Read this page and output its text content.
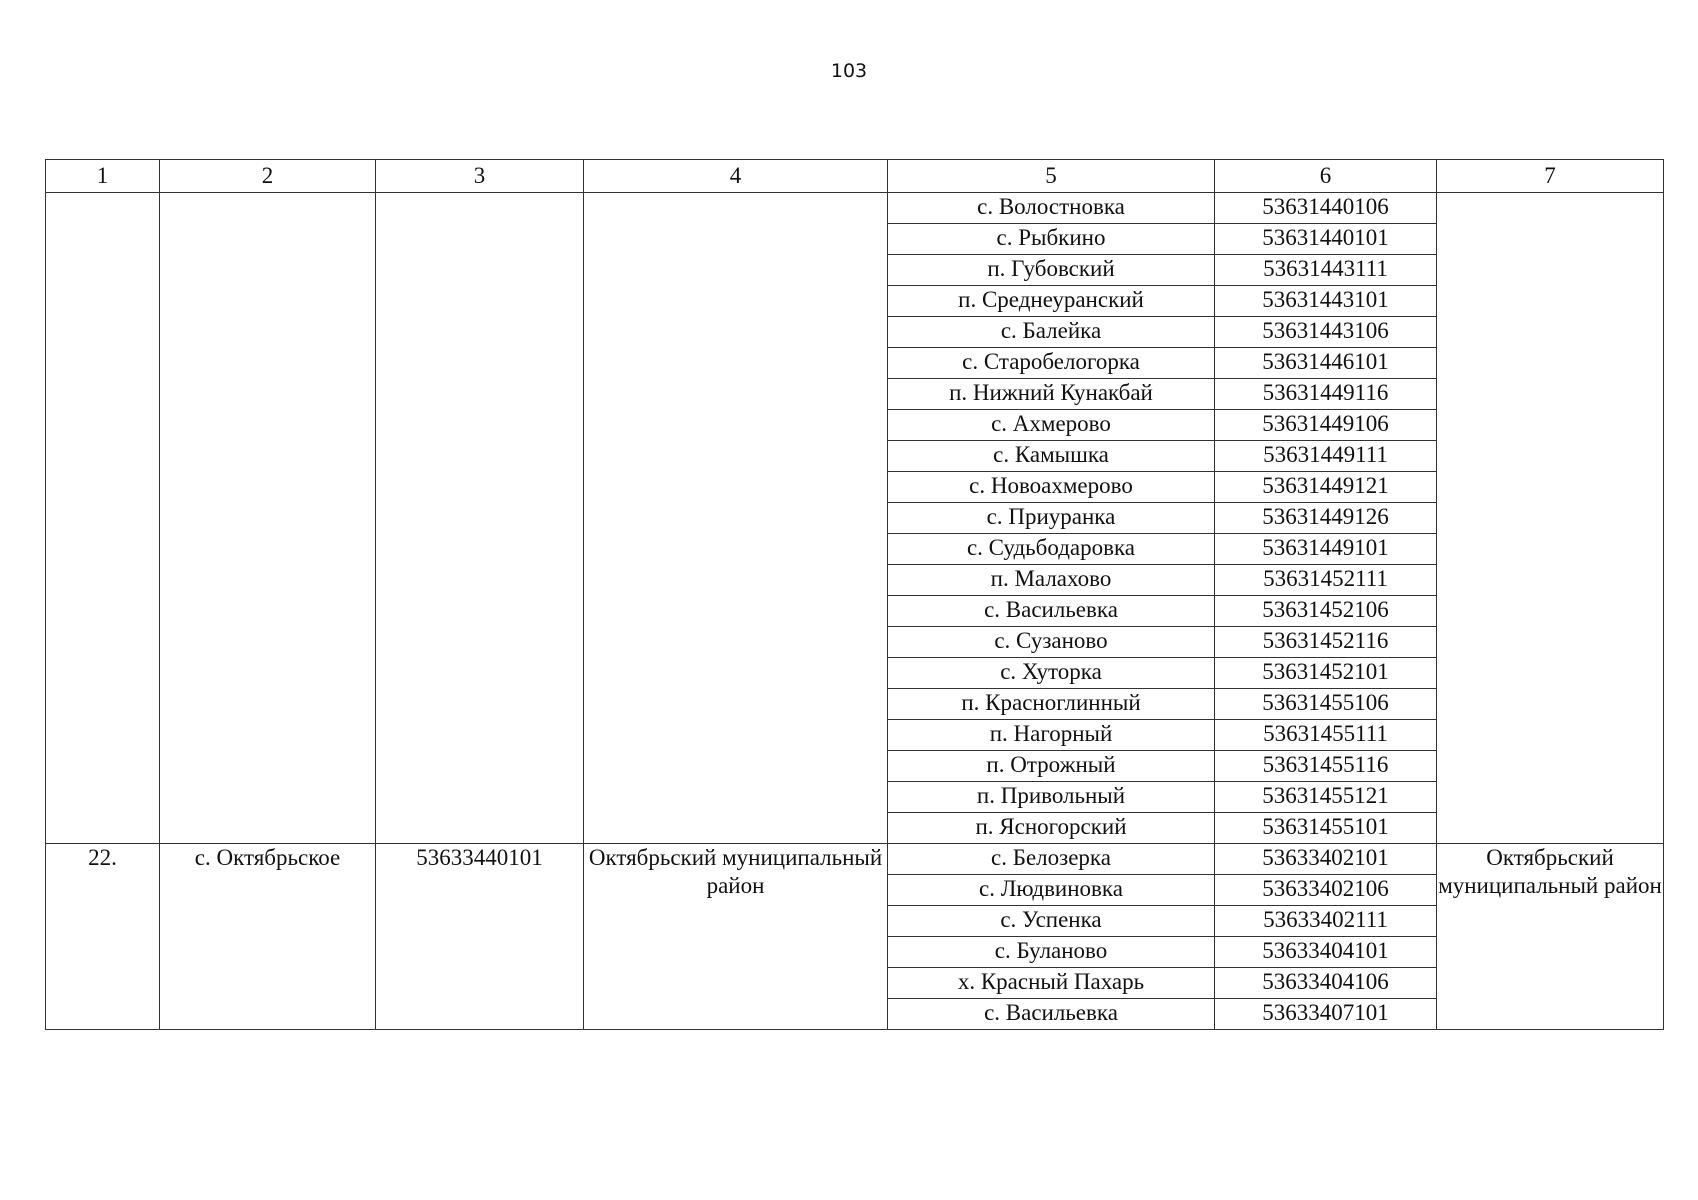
103
1	2	3	4	5	6	7
				с. Волостновка	53631440106	
				с. Рыбкино	53631440101	
				п. Губовский	53631443111	
				п. Среднеуранский	53631443101	
				с. Балейка	53631443106	
				с. Старобелогорка	53631446101	
				п. Нижний Кунакбай	53631449116	
				с. Ахмерово	53631449106	
				с. Камышка	53631449111	
				с. Новоахмерово	53631449121	
				с. Приуранка	53631449126	
				с. Судьбодаровка	53631449101	
				п. Малахово	53631452111	
				с. Васильевка	53631452106	
				с. Сузаново	53631452116	
				с. Хуторка	53631452101	
				п. Красноглинный	53631455106	
				п. Нагорный	53631455111	
				п. Отрожный	53631455116	
				п. Привольный	53631455121	
				п. Ясногорский	53631455101	
22.	с. Октябрьское	53633440101	Октябрьский муниципальный район	с. Белозерка	53633402101	Октябрьский муниципальный район
				с. Людвиновка	53633402106	
				с. Успенка	53633402111	
				с. Буланово	53633404101	
				х. Красный Пахарь	53633404106	
				с. Васильевка	53633407101	
